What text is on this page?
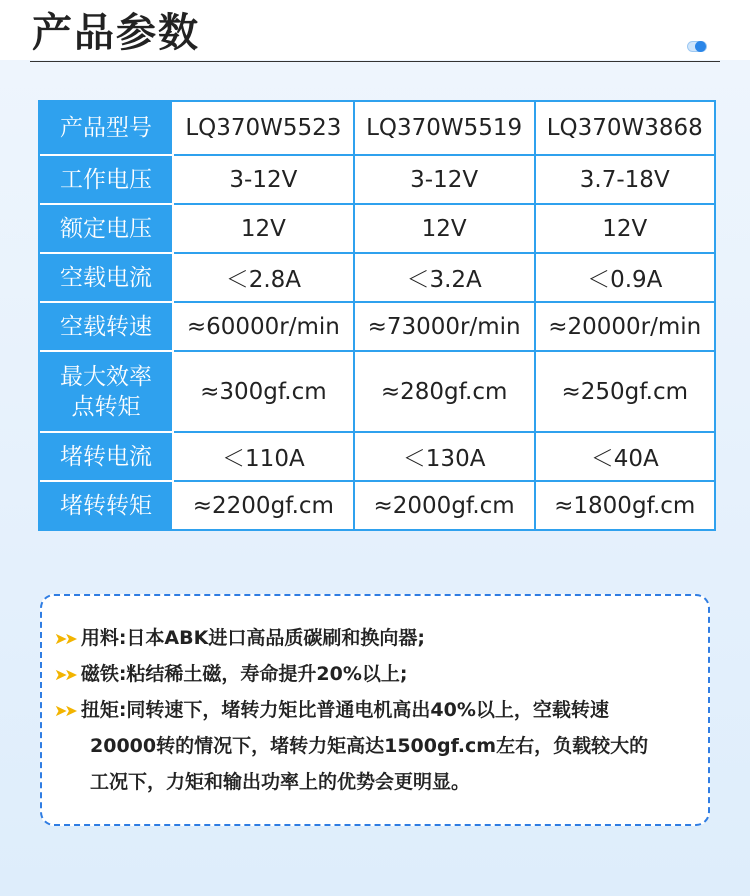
产品参数
产品型号	LQ370W5523	LQ370W5519	LQ370W3868
工作电压	3-12V	3-12V	3.7-18V
额定电压	12V	12V	12V
空载电流	＜2.8A	＜3.2A	＜0.9A
空载转速	≈60000r/min	≈73000r/min	≈20000r/min

最大效率
点转矩	≈300gf.cm	≈280gf.cm	≈250gf.cm
堵转电流	＜110A	＜130A	＜40A
堵转转矩	≈2200gf.cm	≈2000gf.cm	≈1800gf.cm
➤➤ 用料:日本ABK进口高品质碳刷和换向器;
➤➤ 磁铁:粘结稀土磁，寿命提升20%以上;
➤➤ 扭矩:同转速下，堵转力矩比普通电机高出40%以上，空载转速
20000转的情况下，堵转力矩高达1500gf.cm左右，负载较大的
工况下，力矩和输出功率上的优势会更明显。
